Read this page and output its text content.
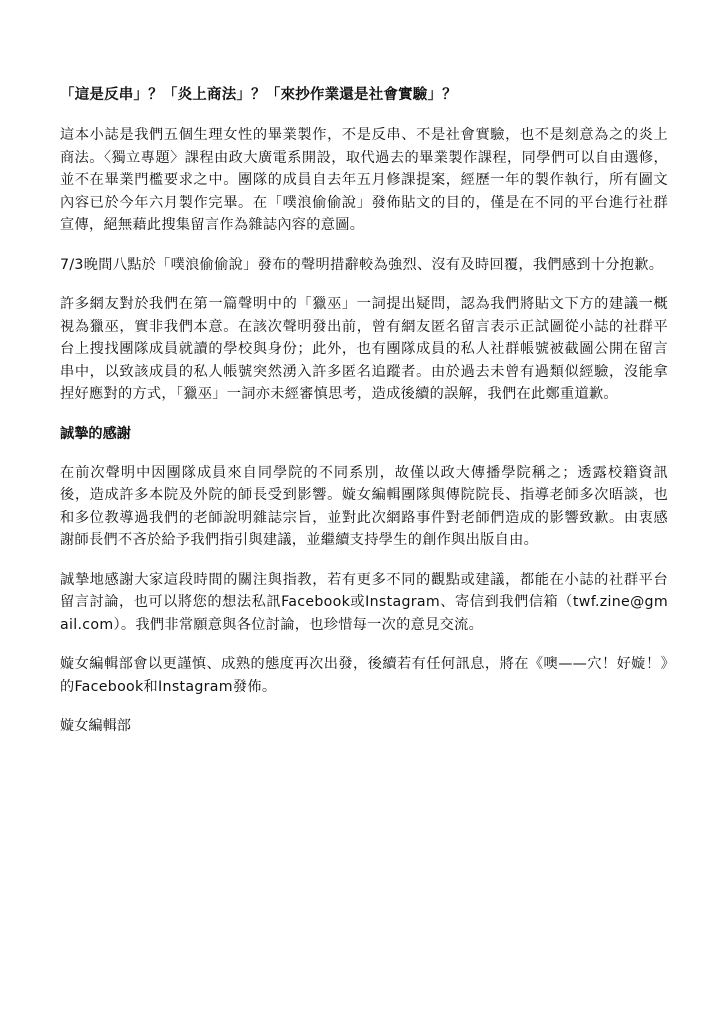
「這是反串」？「炎上商法」？「來抄作業還是社會實驗」？

這本小誌是我們五個生理女性的畢業製作，不是反串、不是社會實驗，也不是刻意為之的炎上商法。〈獨立專題〉課程由政大廣電系開設，取代過去的畢業製作課程，同學們可以自由選修，並不在畢業門檻要求之中。團隊的成員自去年五月修課提案，經歷一年的製作執行，所有圖文內容已於今年六月製作完畢。在「噗浪偷偷說」發佈貼文的目的，僅是在不同的平台進行社群宣傳，絕無藉此搜集留言作為雜誌內容的意圖。

7/3晚間八點於「噗浪偷偷說」發布的聲明措辭較為強烈、沒有及時回覆，我們感到十分抱歉。

許多網友對於我們在第一篇聲明中的「獵巫」一詞提出疑問，認為我們將貼文下方的建議一概視為獵巫，實非我們本意。在該次聲明發出前，曾有網友匿名留言表示正試圖從小誌的社群平台上搜找團隊成員就讀的學校與身份；此外，也有團隊成員的私人社群帳號被截圖公開在留言串中，以致該成員的私人帳號突然湧入許多匿名追蹤者。由於過去未曾有過類似經驗，沒能拿捏好應對的方式，「獵巫」一詞亦未經審慎思考，造成後續的誤解，我們在此鄭重道歉。

誠摯的感謝

在前次聲明中因團隊成員來自同學院的不同系別，故僅以政大傳播學院稱之；透露校籍資訊後，造成許多本院及外院的師長受到影響。嫙女編輯團隊與傳院院長、指導老師多次晤談，也和多位教導過我們的老師說明雜誌宗旨，並對此次網路事件對老師們造成的影響致歉。由衷感謝師長們不吝於給予我們指引與建議，並繼續支持學生的創作與出版自由。

誠摯地感謝大家這段時間的關注與指教，若有更多不同的觀點或建議，都能在小誌的社群平台留言討論，也可以將您的想法私訊Facebook或Instagram、寄信到我們信箱（twf.zine@gmail.com）。我們非常願意與各位討論，也珍惜每一次的意見交流。

嫙女編輯部會以更謹慎、成熟的態度再次出發，後續若有任何訊息，將在《噢——穴！好嫙！》的Facebook和Instagram發佈。

嫙女編輯部
